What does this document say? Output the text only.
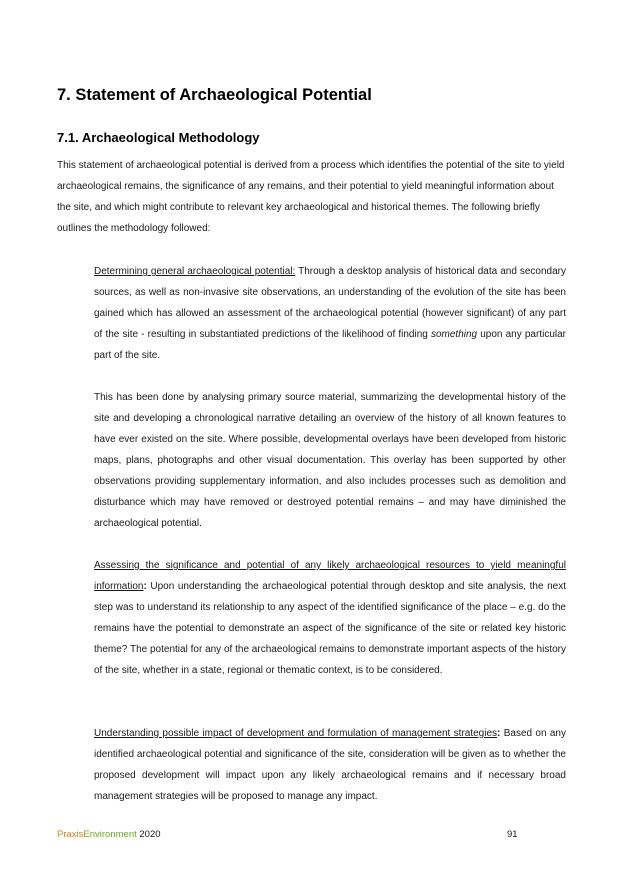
7. Statement of Archaeological Potential
7.1. Archaeological Methodology

This statement of archaeological potential is derived from a process which identifies the potential of the site to yield archaeological remains, the significance of any remains, and their potential to yield meaningful information about the site, and which might contribute to relevant key archaeological and historical themes. The following briefly outlines the methodology followed:

Determining general archaeological potential: Through a desktop analysis of historical data and secondary sources, as well as non-invasive site observations, an understanding of the evolution of the site has been gained which has allowed an assessment of the archaeological potential (however significant) of any part of the site - resulting in substantiated predictions of the likelihood of finding something upon any particular part of the site.

This has been done by analysing primary source material, summarizing the developmental history of the site and developing a chronological narrative detailing an overview of the history of all known features to have ever existed on the site. Where possible, developmental overlays have been developed from historic maps, plans, photographs and other visual documentation. This overlay has been supported by other observations providing supplementary information, and also includes processes such as demolition and disturbance which may have removed or destroyed potential remains – and may have diminished the archaeological potential.

Assessing the significance and potential of any likely archaeological resources to yield meaningful information: Upon understanding the archaeological potential through desktop and site analysis, the next step was to understand its relationship to any aspect of the identified significance of the place – e.g. do the remains have the potential to demonstrate an aspect of the significance of the site or related key historic theme? The potential for any of the archaeological remains to demonstrate important aspects of the history of the site, whether in a state, regional or thematic context, is to be considered.

Understanding possible impact of development and formulation of management strategies: Based on any identified archaeological potential and significance of the site, consideration will be given as to whether the proposed development will impact upon any likely archaeological remains and if necessary broad management strategies will be proposed to manage any impact.

PraxisEnvironment 2020	91
